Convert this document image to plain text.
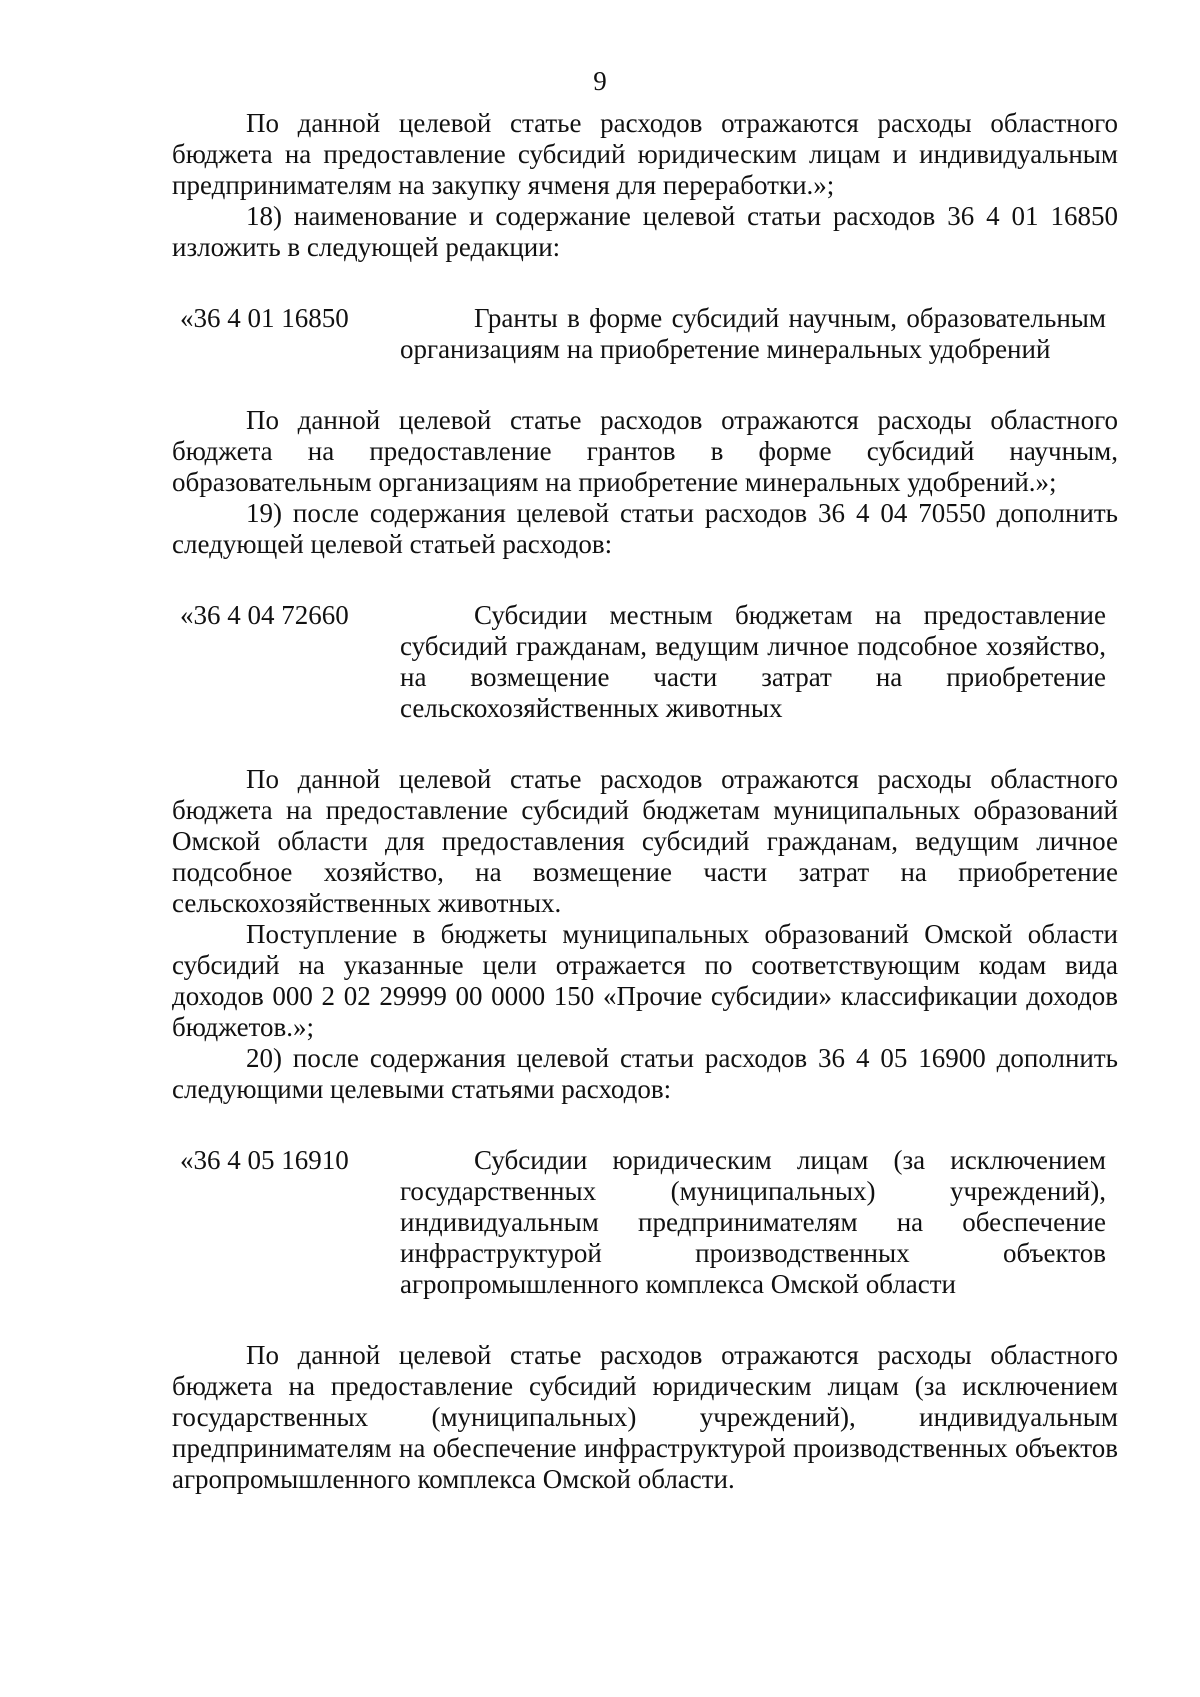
9

По данной целевой статье расходов отражаются расходы областного бюджета на предоставление субсидий юридическим лицам и индивидуальным предпринимателям на закупку ячменя для переработки.»;

18) наименование и содержание целевой статьи расходов 36 4 01 16850 изложить в следующей редакции:

«36 4 01 16850	Гранты в форме субсидий научным, образовательным организациям на приобретение минеральных удобрений

По данной целевой статье расходов отражаются расходы областного бюджета на предоставление грантов в форме субсидий научным, образовательным организациям на приобретение минеральных удобрений.»;

19) после содержания целевой статьи расходов 36 4 04 70550 дополнить следующей целевой статьей расходов:

«36 4 04 72660	Субсидии местным бюджетам на предоставление субсидий гражданам, ведущим личное подсобное хозяйство, на возмещение части затрат на приобретение сельскохозяйственных животных

По данной целевой статье расходов отражаются расходы областного бюджета на предоставление субсидий бюджетам муниципальных образований Омской области для предоставления субсидий гражданам, ведущим личное подсобное хозяйство, на возмещение части затрат на приобретение сельскохозяйственных животных.

Поступление в бюджеты муниципальных образований Омской области субсидий на указанные цели отражается по соответствующим кодам вида доходов 000 2 02 29999 00 0000 150 «Прочие субсидии» классификации доходов бюджетов.»;

20) после содержания целевой статьи расходов 36 4 05 16900 дополнить следующими целевыми статьями расходов:

«36 4 05 16910	Субсидии юридическим лицам (за исключением государственных (муниципальных) учреждений), индивидуальным предпринимателям на обеспечение инфраструктурой производственных объектов агропромышленного комплекса Омской области

По данной целевой статье расходов отражаются расходы областного бюджета на предоставление субсидий юридическим лицам (за исключением государственных (муниципальных) учреждений), индивидуальным предпринимателям на обеспечение инфраструктурой производственных объектов агропромышленного комплекса Омской области.
